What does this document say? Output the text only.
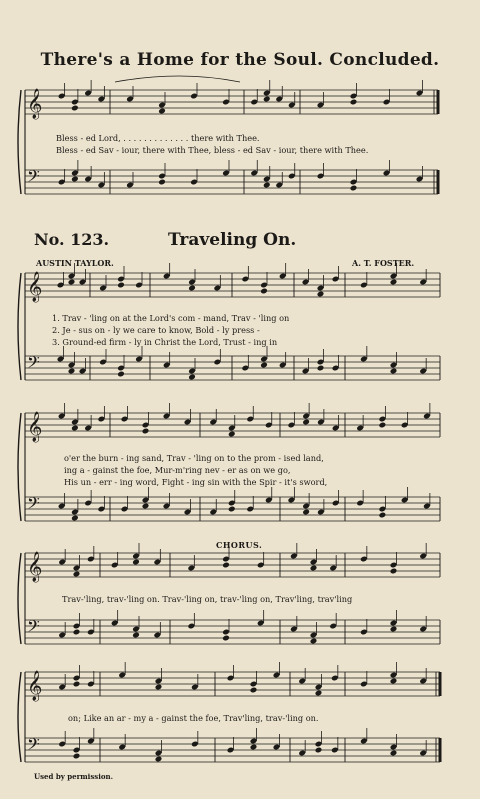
There's a Home for the Soul. Concluded.
𝄞
𝄢
𝄞
𝄢
𝄞
𝄢
𝄞
𝄢
𝄞
𝄢
Bless - ed Lord, . . . . . . . . . . . . . there with Thee.
Bless - ed Sav - iour, there with Thee, bless - ed Sav - iour, there with Thee.
No. 123.	Traveling On.
AUSTIN TAYLOR.	A. T. FOSTER.
1. Trav - 'ling on at the Lord's com - mand, Trav - 'ling on
2. Je - sus on - ly we care to know, Bold - ly press -
3. Ground-ed firm - ly in Christ the Lord, Trust - ing in
o'er the burn - ing sand, Trav - 'ling on to the prom - ised land,
ing a - gainst the foe, Mur-m'ring nev - er as on we go,
His un - err - ing word, Fight - ing sin with the Spir - it's sword,
CHORUS.
Trav-'ling, trav-'ling on. Trav-'ling on, trav-'ling on, Trav'ling, trav'ling
on; Like an ar - my a - gainst the foe, Trav'ling, trav-'ling on.
Used by permission.
